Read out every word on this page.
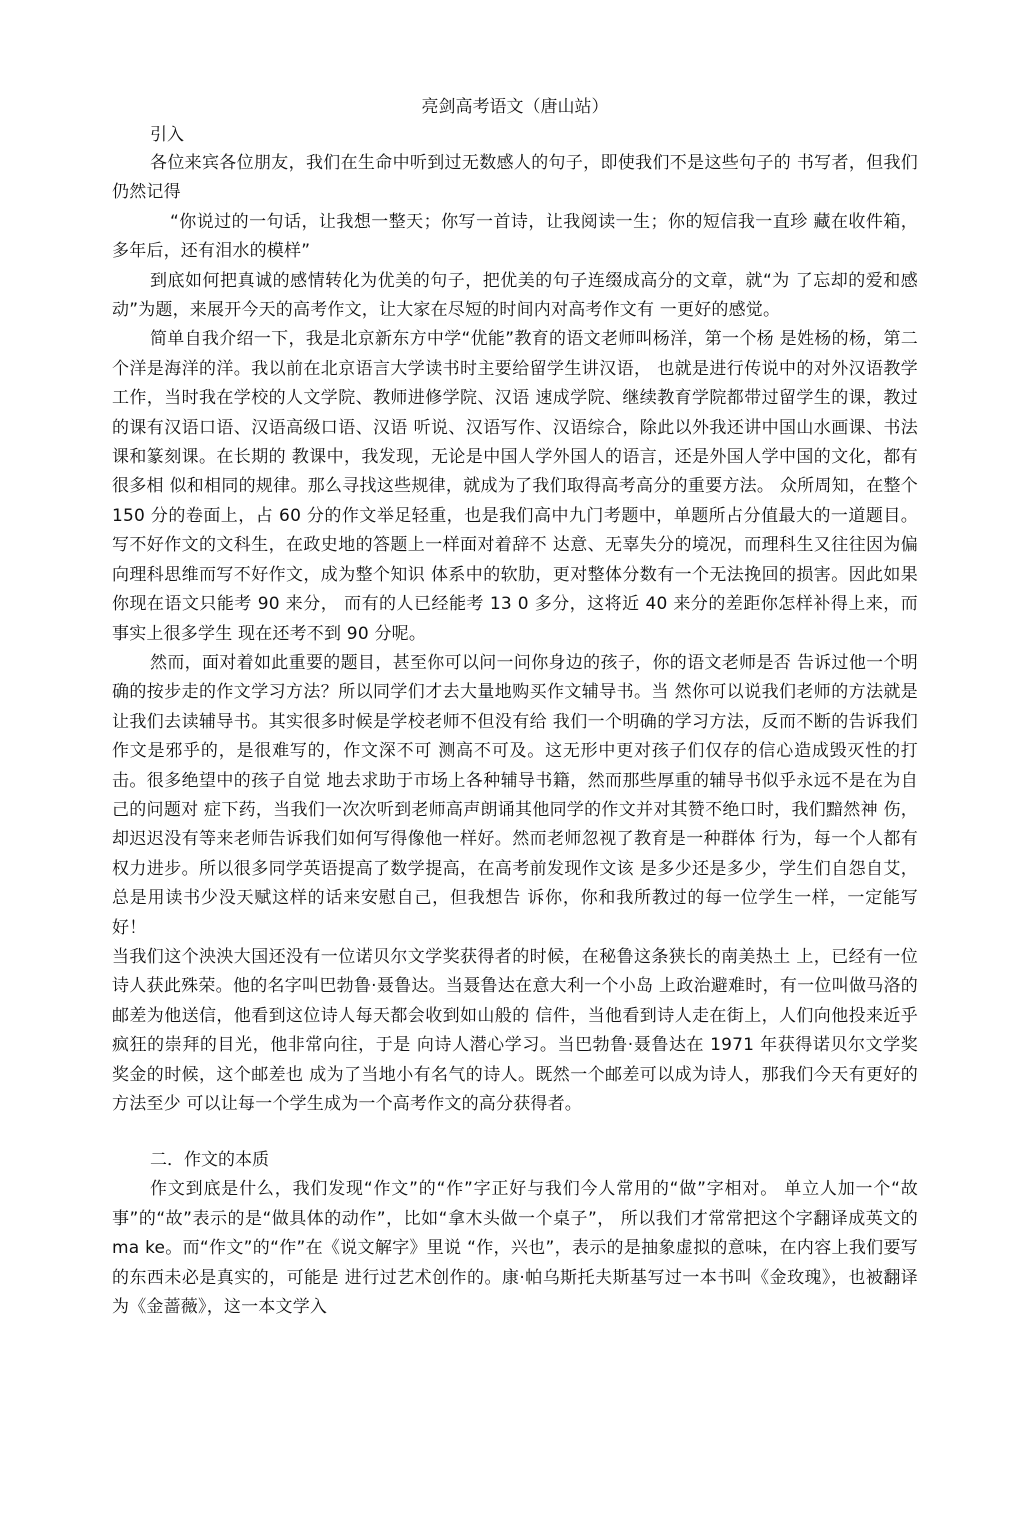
亮剑高考语文（唐山站）
引入

各位来宾各位朋友，我们在生命中听到过无数感人的句子，即使我们不是这些句子的 书写者，但我们仍然记得

“你说过的一句话，让我想一整天；你写一首诗，让我阅读一生；你的短信我一直珍 藏在收件箱，多年后，还有泪水的模样”

到底如何把真诚的感情转化为优美的句子，把优美的句子连缀成高分的文章，就“为 了忘却的爱和感动”为题，来展开今天的高考作文，让大家在尽短的时间内对高考作文有 一更好的感觉。

简单自我介绍一下，我是北京新东方中学“优能”教育的语文老师叫杨洋，第一个杨 是姓杨的杨，第二个洋是海洋的洋。我以前在北京语言大学读书时主要给留学生讲汉语， 也就是进行传说中的对外汉语教学工作，当时我在学校的人文学院、教师进修学院、汉语 速成学院、继续教育学院都带过留学生的课，教过的课有汉语口语、汉语高级口语、汉语 听说、汉语写作、汉语综合，除此以外我还讲中国山水画课、书法课和篆刻课。在长期的 教课中，我发现，无论是中国人学外国人的语言，还是外国人学中国的文化，都有很多相 似和相同的规律。那么寻找这些规律，就成为了我们取得高考高分的重要方法。 众所周知，在整个 150 分的卷面上，占 60 分的作文举足轻重，也是我们高中九门考题中，单题所占分值最大的一道题目。写不好作文的文科生，在政史地的答题上一样面对着辞不 达意、无辜失分的境况，而理科生又往往因为偏向理科思维而写不好作文，成为整个知识 体系中的软肋，更对整体分数有一个无法挽回的损害。因此如果你现在语文只能考 90 来分， 而有的人已经能考 13 0 多分，这将近 40 来分的差距你怎样补得上来，而事实上很多学生 现在还考不到 90 分呢。

然而，面对着如此重要的题目，甚至你可以问一问你身边的孩子，你的语文老师是否 告诉过他一个明确的按步走的作文学习方法？所以同学们才去大量地购买作文辅导书。当 然你可以说我们老师的方法就是让我们去读辅导书。其实很多时候是学校老师不但没有给 我们一个明确的学习方法，反而不断的告诉我们作文是邪乎的，是很难写的，作文深不可 测高不可及。这无形中更对孩子们仅存的信心造成毁灭性的打击。很多绝望中的孩子自觉 地去求助于市场上各种辅导书籍，然而那些厚重的辅导书似乎永远不是在为自己的问题对 症下药，当我们一次次听到老师高声朗诵其他同学的作文并对其赞不绝口时，我们黯然神 伤，却迟迟没有等来老师告诉我们如何写得像他一样好。然而老师忽视了教育是一种群体 行为，每一个人都有权力进步。所以很多同学英语提高了数学提高，在高考前发现作文该 是多少还是多少，学生们自怨自艾，总是用读书少没天赋这样的话来安慰自己，但我想告 诉你，你和我所教过的每一位学生一样，一定能写好！

当我们这个泱泱大国还没有一位诺贝尔文学奖获得者的时候，在秘鲁这条狭长的南美热土 上，已经有一位诗人获此殊荣。他的名字叫巴勃鲁·聂鲁达。当聂鲁达在意大利一个小岛 上政治避难时，有一位叫做马洛的邮差为他送信，他看到这位诗人每天都会收到如山般的 信件，当他看到诗人走在街上，人们向他投来近乎疯狂的崇拜的目光，他非常向往，于是 向诗人潜心学习。当巴勃鲁·聂鲁达在 1971 年获得诺贝尔文学奖奖金的时候，这个邮差也 成为了当地小有名气的诗人。既然一个邮差可以成为诗人，那我们今天有更好的方法至少 可以让每一个学生成为一个高考作文的高分获得者。

二．作文的本质

作文到底是什么，我们发现“作文”的“作”字正好与我们今人常用的“做”字相对。 单立人加一个“故事”的“故”表示的是“做具体的动作”，比如“拿木头做一个桌子”， 所以我们才常常把这个字翻译成英文的 ma ke。而“作文”的“作”在《说文解字》里说 “作，兴也”，表示的是抽象虚拟的意味，在内容上我们要写的东西未必是真实的，可能是 进行过艺术创作的。康·帕乌斯托夫斯基写过一本书叫《金玫瑰》，也被翻译为《金蔷薇》，这一本文学入
